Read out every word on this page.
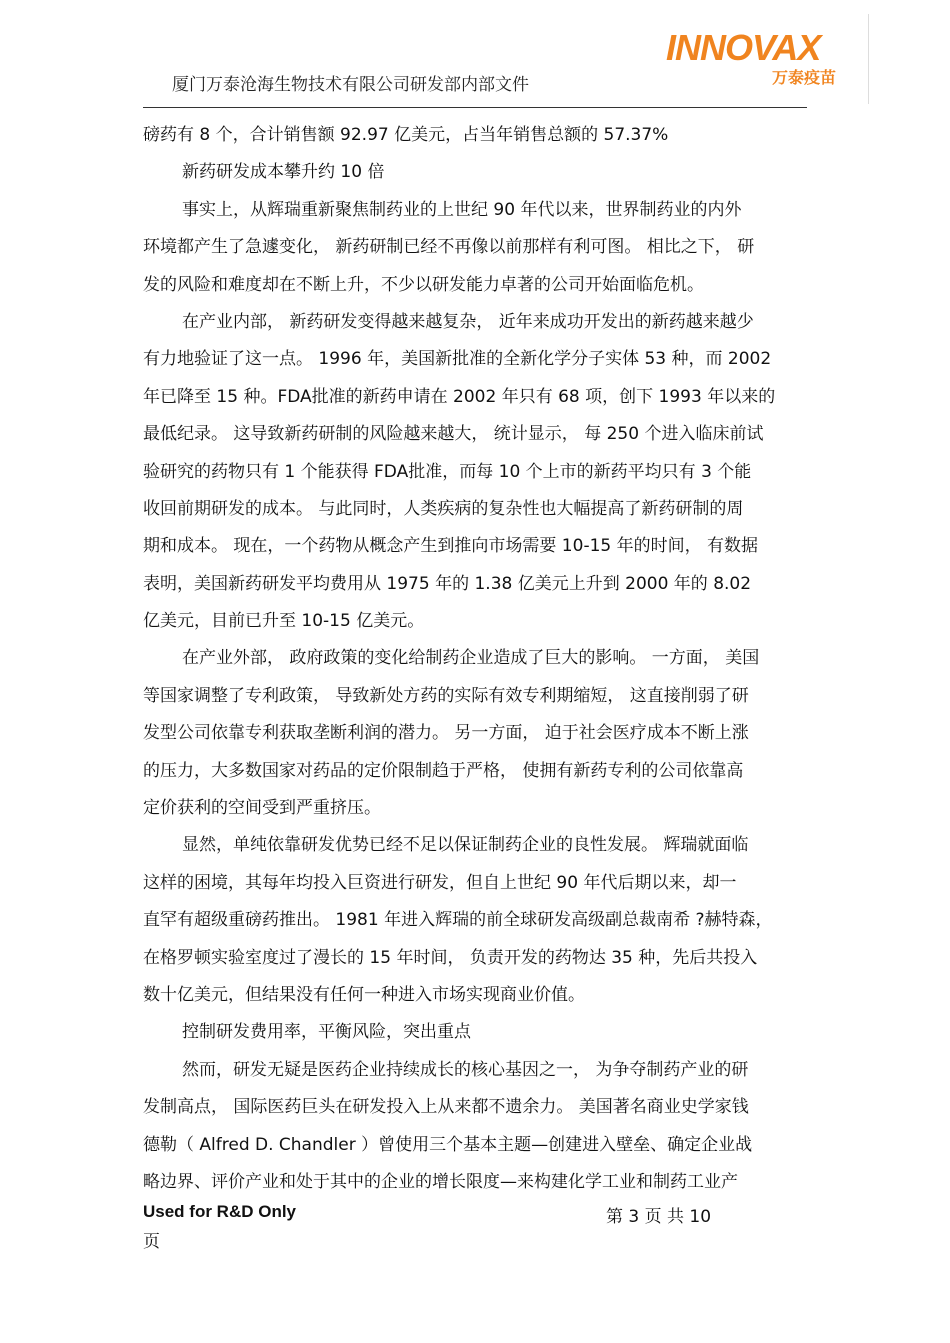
厦门万泰沧海生物技术有限公司研发部内部文件
INNOVAX
万泰疫苗
磅药有 8 个，合计销售额 92.97 亿美元，占当年销售总额的 57.37%
新药研发成本攀升约 10 倍
事实上，从辉瑞重新聚焦制药业的上世纪 90 年代以来，世界制药业的内外
环境都产生了急遽变化， 新药研制已经不再像以前那样有利可图。 相比之下， 研
发的风险和难度却在不断上升，不少以研发能力卓著的公司开始面临危机。
在产业内部， 新药研发变得越来越复杂， 近年来成功开发出的新药越来越少
有力地验证了这一点。 1996 年，美国新批准的全新化学分子实体 53 种，而 2002
年已降至 15 种。FDA批准的新药申请在 2002 年只有 68 项，创下 1993 年以来的
最低纪录。 这导致新药研制的风险越来越大， 统计显示， 每 250 个进入临床前试
验研究的药物只有 1 个能获得 FDA批准，而每 10 个上市的新药平均只有 3 个能
收回前期研发的成本。 与此同时，人类疾病的复杂性也大幅提高了新药研制的周
期和成本。 现在，一个药物从概念产生到推向市场需要 10-15 年的时间， 有数据
表明，美国新药研发平均费用从 1975 年的 1.38 亿美元上升到 2000 年的 8.02
亿美元，目前已升至 10-15 亿美元。
在产业外部， 政府政策的变化给制药企业造成了巨大的影响。 一方面， 美国
等国家调整了专利政策， 导致新处方药的实际有效专利期缩短， 这直接削弱了研
发型公司依靠专利获取垄断利润的潜力。 另一方面， 迫于社会医疗成本不断上涨
的压力，大多数国家对药品的定价限制趋于严格， 使拥有新药专利的公司依靠高
定价获利的空间受到严重挤压。
显然，单纯依靠研发优势已经不足以保证制药企业的良性发展。 辉瑞就面临
这样的困境，其每年均投入巨资进行研发，但自上世纪 90 年代后期以来，却一
直罕有超级重磅药推出。 1981 年进入辉瑞的前全球研发高级副总裁南希 ?赫特森，
在格罗顿实验室度过了漫长的 15 年时间， 负责开发的药物达 35 种，先后共投入
数十亿美元，但结果没有任何一种进入市场实现商业价值。
控制研发费用率，平衡风险，突出重点
然而，研发无疑是医药企业持续成长的核心基因之一， 为争夺制药产业的研
发制高点， 国际医药巨头在研发投入上从来都不遗余力。 美国著名商业史学家钱
德勒（ Alfred D. Chandler ）曾使用三个基本主题—创建进入壁垒、确定企业战
略边界、评价产业和处于其中的企业的增长限度—来构建化学工业和制药工业产
Used for R&D Only	第 3 页 共 10
页
